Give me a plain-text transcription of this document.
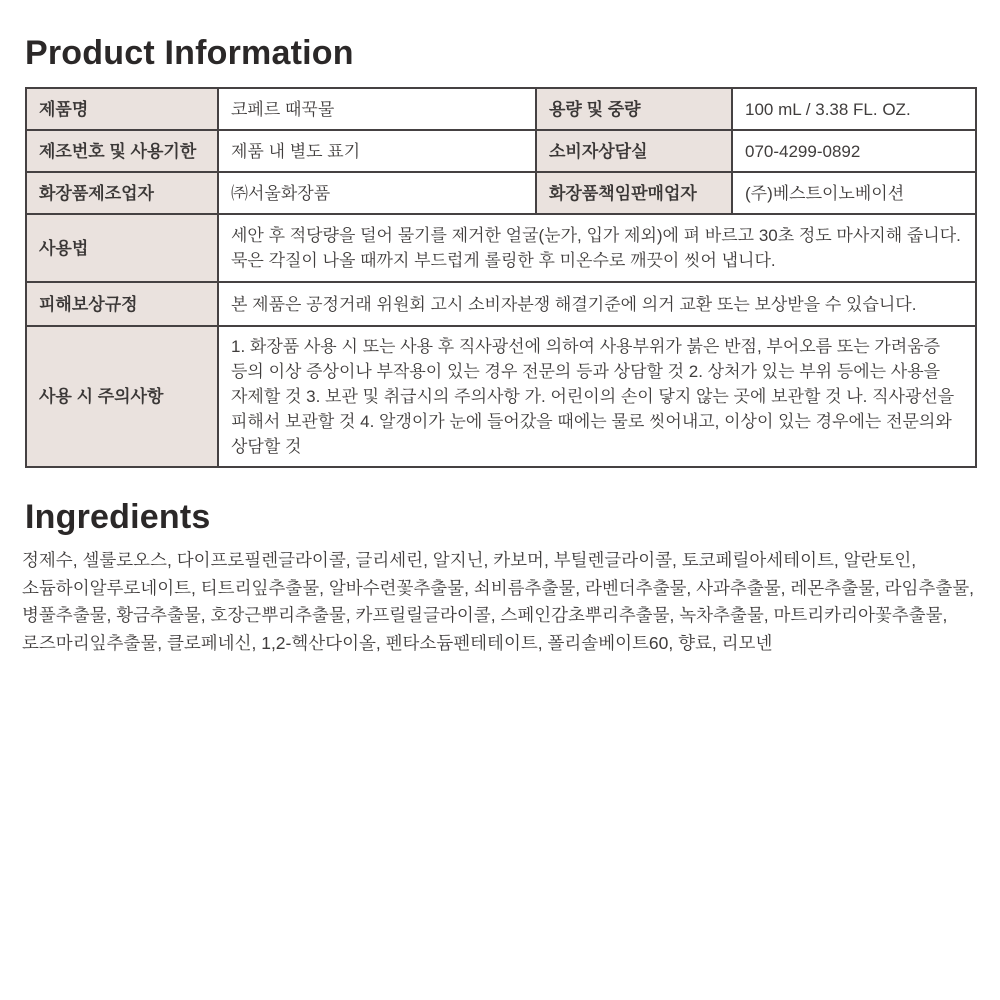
Product Information
제품명	코페르 때꾹물	용량 및 중량	100 mL / 3.38 FL. OZ.
제조번호 및 사용기한	제품 내 별도 표기	소비자상담실	070-4299-0892
화장품제조업자	㈜서울화장품	화장품책임판매업자	(주)베스트이노베이션
사용법	세안 후 적당량을 덜어 물기를 제거한 얼굴(눈가, 입가 제외)에 펴 바르고 30초 정도 마사지해 줍니다. 묵은 각질이 나올 때까지 부드럽게 롤링한 후 미온수로 깨끗이 씻어 냅니다.		
피해보상규정	본 제품은 공정거래 위원회 고시 소비자분쟁 해결기준에 의거 교환 또는 보상받을 수 있습니다.		
사용 시 주의사항	1. 화장품 사용 시 또는 사용 후 직사광선에 의하여 사용부위가 붉은 반점, 부어오름 또는 가려움증 등의 이상 증상이나 부작용이 있는 경우 전문의 등과 상담할 것 2. 상처가 있는 부위 등에는 사용을 자제할 것 3. 보관 및 취급시의 주의사항 가. 어린이의 손이 닿지 않는 곳에 보관할 것 나. 직사광선을 피해서 보관할 것 4. 알갱이가 눈에 들어갔을 때에는 물로 씻어내고, 이상이 있는 경우에는 전문의와 상담할 것		
Ingredients

정제수, 셀룰로오스, 다이프로필렌글라이콜, 글리세린, 알지닌, 카보머, 부틸렌글라이콜, 토코페릴아세테이트, 알란토인, 소듐하이알루로네이트, 티트리잎추출물, 알바수련꽃추출물, 쇠비름추출물, 라벤더추출물, 사과추출물, 레몬추출물, 라임추출물, 병풀추출물, 황금추출물, 호장근뿌리추출물, 카프릴릴글라이콜, 스페인감초뿌리추출물, 녹차추출물, 마트리카리아꽃추출물, 로즈마리잎추출물, 클로페네신, 1,2-헥산다이올, 펜타소듐펜테테이트, 폴리솔베이트60, 향료, 리모넨
